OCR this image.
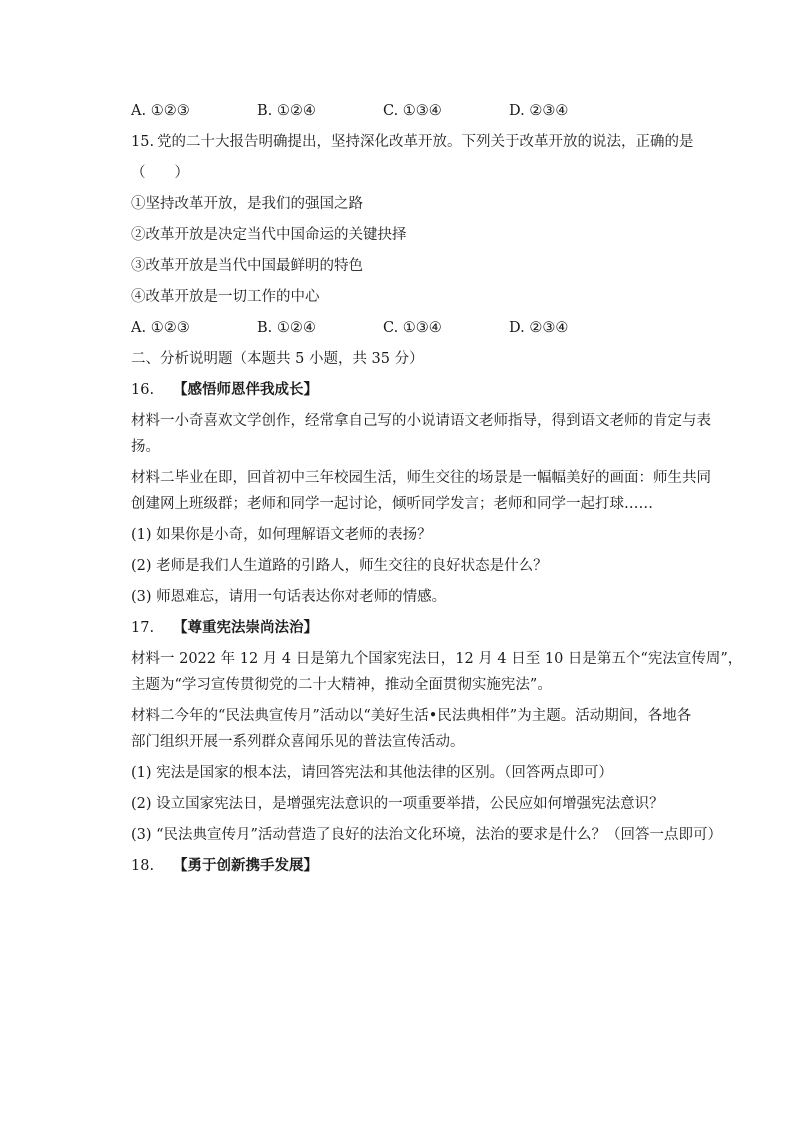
A. ①②③	B. ①②④	C. ①③④	D. ②③④
15. 党的二十大报告明确提出，坚持深化改革开放。下列关于改革开放的说法，正确的是
（　　）
①坚持改革开放，是我们的强国之路
②改革开放是决定当代中国命运的关键抉择
③改革开放是当代中国最鲜明的特色
④改革开放是一切工作的中心
A. ①②③	B. ①②④	C. ①③④	D. ②③④
二、分析说明题（本题共 5 小题，共 35 分）
16. 【感悟师恩伴我成长】
材料一小奇喜欢文学创作，经常拿自己写的小说请语文老师指导，得到语文老师的肯定与表
扬。
材料二毕业在即，回首初中三年校园生活，师生交往的场景是一幅幅美好的画面：师生共同
创建网上班级群；老师和同学一起讨论，倾听同学发言；老师和同学一起打球……
(1) 如果你是小奇，如何理解语文老师的表扬？
(2) 老师是我们人生道路的引路人，师生交往的良好状态是什么？
(3) 师恩难忘，请用一句话表达你对老师的情感。
17. 【尊重宪法崇尚法治】
材料一 2022 年 12 月 4 日是第九个国家宪法日，12 月 4 日至 10 日是第五个“宪法宣传周”，
主题为“学习宣传贯彻党的二十大精神，推动全面贯彻实施宪法”。
材料二今年的“民法典宣传月”活动以“美好生活•民法典相伴”为主题。活动期间，各地各
部门组织开展一系列群众喜闻乐见的普法宣传活动。
(1) 宪法是国家的根本法，请回答宪法和其他法律的区别。（回答两点即可）
(2) 设立国家宪法日，是增强宪法意识的一项重要举措，公民应如何增强宪法意识？
(3) “民法典宣传月”活动营造了良好的法治文化环境，法治的要求是什么？（回答一点即可）
18. 【勇于创新携手发展】
